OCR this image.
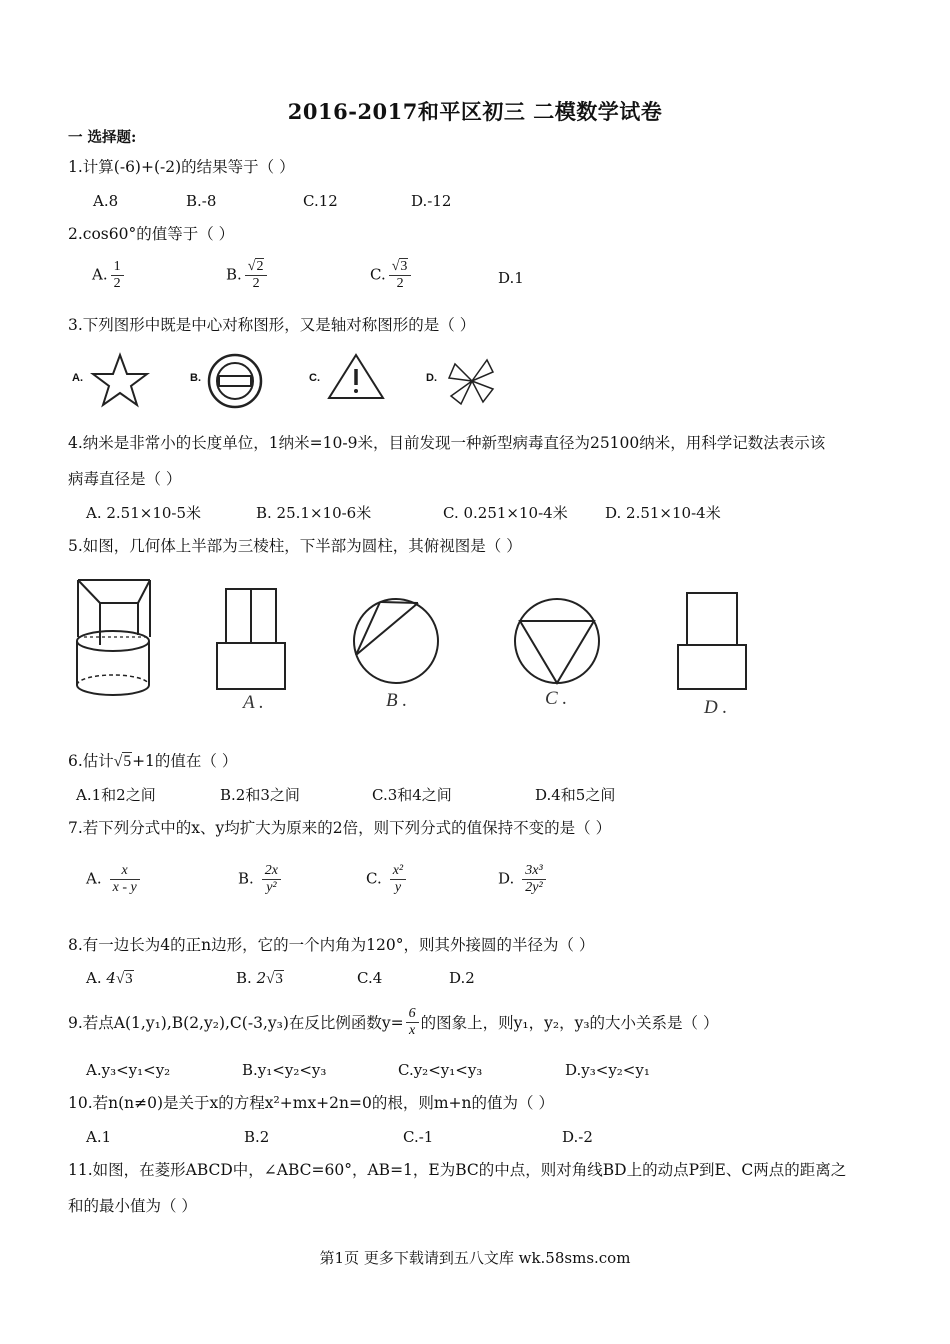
2016-2017和平区初三 二模数学试卷
一 选择题:
1.计算(-6)+(-2)的结果等于（ ）
A.8	B.-8	C.12	D.-12
2.cos60°的值等于（ ）
A. $\frac{1}{2}$	B. $\frac{√2}{2}$	C. $\frac{√3}{2}$	D.1
3.下列图形中既是中心对称图形，又是轴对称图形的是（ ）
A.	B.	C.	D.
4.纳米是非常小的长度单位，1纳米=10-9米，目前发现一种新型病毒直径为25100纳米，用科学记数法表示该
病毒直径是（ ）
A. 2.51×10-5米	B. 25.1×10-6米	C. 0.251×10-4米 D. 2.51×10-4米
5.如图，几何体上半部为三棱柱，下半部为圆柱，其俯视图是（ ）
A .	B .	C .	D .
6.估计√5+1的值在（ ）
A.1和2之间	B.2和3之间	C.3和4之间	D.4和5之间
7.若下列分式中的x、y均扩大为原来的2倍，则下列分式的值保持不变的是（ ）
A. $\frac{x}{x - y}$	B. $\frac{2x}{\text{y²}}$	C. $\frac{\text{x²}}{y}$	D. $\frac{\text{3x³}}{\text{2y²}}$
8.有一边长为4的正n边形，它的一个内角为120°，则其外接圆的半径为（ ）
A. 4√3	B. 2√3	C.4	D.2
9.若点A(1,y₁),B(2,y₂),C(-3,y₃)在反比例函数$y= \frac{6}{x}$ 的图象上，则y₁，y₂，y₃的大小关系是（ ）
A.y₃<y₁<y₂	B.y₁<y₂<y₃	C.y₂<y₁<y₃	D.y₃<y₂<y₁
10.若n(n≠0)是关于x的方程x²+mx+2n=0的根，则m+n的值为（ ）
A.1	B.2	C.-1	D.-2
11.如图，在菱形ABCD中，∠ABC=60°，AB=1，E为BC的中点，则对角线BD上的动点P到E、C两点的距离之
和的最小值为（ ）
第1页 更多下载请到五八文库 wk.58sms.com
